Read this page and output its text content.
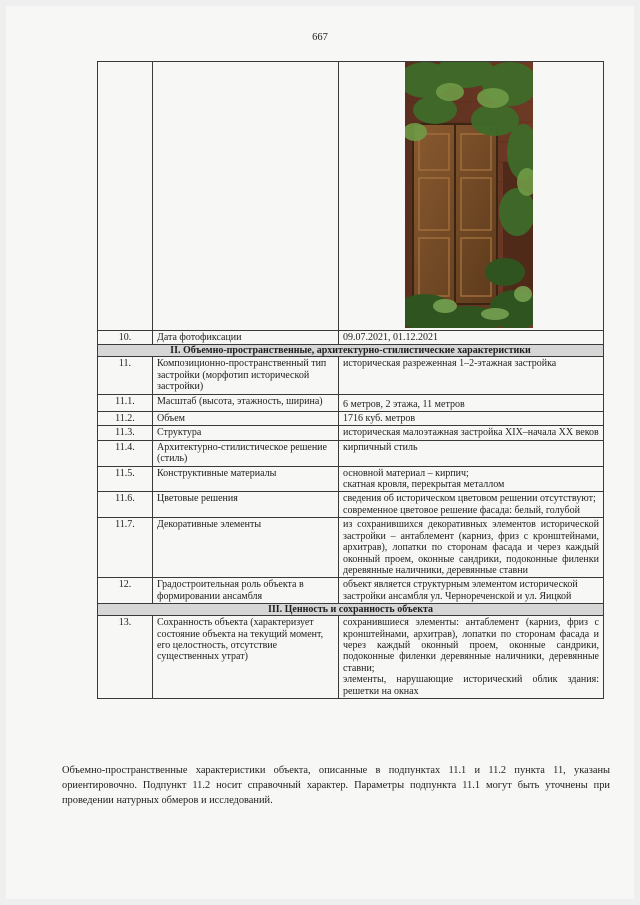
667

10.	Дата фотофиксации	09.07.2021, 01.12.2021
II. Объемно-пространственные, архитектурно-стилистические характеристики		
11.	Композиционно-пространственный тип застройки (морфотип исторической застройки)	историческая разреженная 1–2-этажная застройка
11.1.	Масштаб (высота, этажность, ширина)	6 метров, 2 этажа, 11 метров
11.2.	Объем	1716 куб. метров
11.3.	Структура	историческая малоэтажная застройка XIX–начала XX веков
11.4.	Архитектурно-стилистическое решение (стиль)	кирпичный стиль
11.5.	Конструктивные материалы	основной материал – кирпич;
скатная кровля, перекрытая металлом

11.6.	Цветовые решения	сведения об историческом цветовом решении отсутствуют;
современное цветовое решение фасада: белый, голубой

11.7.	Декоративные элементы	из сохранившихся декоративных элементов исторической застройки – антаблемент (карниз, фриз с кронштейнами, архитрав), лопатки по сторонам фасада и через каждый оконный проем, оконные сандрики, подоконные филенки деревянные наличники, деревянные ставни
12.	Градостроительная роль объекта в формировании ансамбля	объект является структурным элементом исторической застройки ансамбля ул. Чернореченской и ул. Яицкой
III. Ценность и сохранность объекта		
13.	Сохранность объекта (характеризует состояние объекта на текущий момент, его целостность, отсутствие существенных утрат)	сохранившиеся элементы: антаблемент (карниз, фриз с кронштейнами, архитрав), лопатки по сторонам фасада и через каждый оконный проем, оконные сандрики, подоконные филенки деревянные наличники, деревянные ставни;
элементы, нарушающие исторический облик здания: решетки на окнах
Объемно-пространственные характеристики объекта, описанные в подпунктах 11.1 и 11.2 пункта 11, указаны ориентировочно. Подпункт 11.2 носит справочный характер. Параметры подпункта 11.1 могут быть уточнены при проведении натурных обмеров и исследований.
